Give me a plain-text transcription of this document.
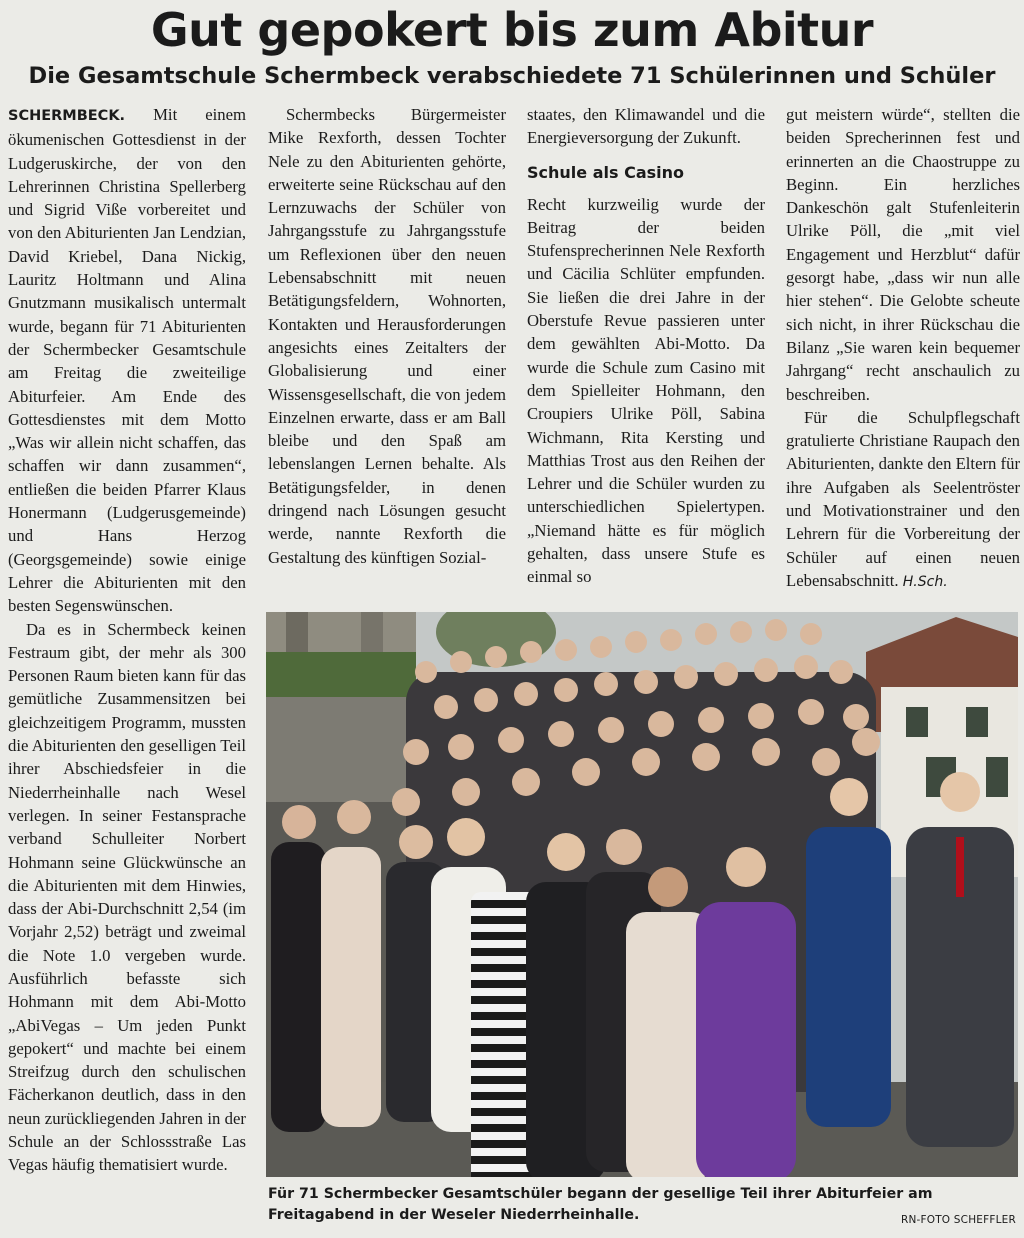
Gut gepokert bis zum Abitur
Die Gesamtschule Schermbeck verabschiedete 71 Schülerinnen und Schüler

SCHERMBECK. Mit einem ökumenischen Gottesdienst in der Ludgeruskirche, der von den Lehrerinnen Christina Spellerberg und Sigrid Viße vorbereitet und von den Abiturienten Jan Lendzian, David Kriebel, Dana Nickig, Lauritz Holtmann und Alina Gnutzmann musikalisch untermalt wurde, begann für 71 Abiturienten der Schermbecker Gesamtschule am Freitag die zweiteilige Abiturfeier. Am Ende des Gottesdienstes mit dem Motto „Was wir allein nicht schaffen, das schaffen wir dann zusammen“, entließen die beiden Pfarrer Klaus Honermann (Ludgerusgemeinde) und Hans Herzog (Georgsgemeinde) sowie einige Lehrer die Abiturienten mit den besten Segenswünschen.

Da es in Schermbeck keinen Festraum gibt, der mehr als 300 Personen Raum bieten kann für das gemütliche Zusammensitzen bei gleichzeitigem Programm, mussten die Abiturienten den geselligen Teil ihrer Abschiedsfeier in die Niederrheinhalle nach Wesel verlegen. In seiner Festansprache verband Schulleiter Norbert Hohmann seine Glückwünsche an die Abiturienten mit dem Hinwies, dass der Abi-Durchschnitt 2,54 (im Vorjahr 2,52) beträgt und zweimal die Note 1.0 vergeben wurde. Ausführlich befasste sich Hohmann mit dem Abi-Motto „AbiVegas – Um jeden Punkt gepokert“ und machte bei einem Streifzug durch den schulischen Fächerkanon deutlich, dass in den neun zurückliegenden Jahren in der Schule an der Schlossstraße Las Vegas häufig thematisiert wurde.

Schermbecks Bürgermeister Mike Rexforth, dessen Tochter Nele zu den Abiturienten gehörte, erweiterte seine Rückschau auf den Lernzuwachs der Schüler von Jahrgangsstufe zu Jahrgangsstufe um Reflexionen über den neuen Lebensabschnitt mit neuen Betätigungsfeldern, Wohnorten, Kontakten und Herausforderungen angesichts eines Zeitalters der Globalisierung und einer Wissensgesellschaft, die von jedem Einzelnen erwarte, dass er am Ball bleibe und den Spaß am lebenslangen Lernen behalte. Als Betätigungsfelder, in denen dringend nach Lösungen gesucht werde, nannte Rexforth die Gestaltung des künftigen Sozial-

staates, den Klimawandel und die Energieversorgung der Zukunft.

Schule als Casino

Recht kurzweilig wurde der Beitrag der beiden Stufensprecherinnen Nele Rexforth und Cäcilia Schlüter empfunden. Sie ließen die drei Jahre in der Oberstufe Revue passieren unter dem gewählten Abi-Motto. Da wurde die Schule zum Casino mit dem Spielleiter Hohmann, den Croupiers Ulrike Pöll, Sabina Wichmann, Rita Kersting und Matthias Trost aus den Reihen der Lehrer und die Schüler wurden zu unterschiedlichen Spielertypen. „Niemand hätte es für möglich gehalten, dass unsere Stufe es einmal so

gut meistern würde“, stellten die beiden Sprecherinnen fest und erinnerten an die Chaostruppe zu Beginn. Ein herzliches Dankeschön galt Stufenleiterin Ulrike Pöll, die „mit viel Engagement und Herzblut“ dafür gesorgt habe, „dass wir nun alle hier stehen“. Die Gelobte scheute sich nicht, in ihrer Rückschau die Bilanz „Sie waren kein bequemer Jahrgang“ recht anschaulich zu beschreiben.

Für die Schulpflegschaft gratulierte Christiane Raupach den Abiturienten, dankte den Eltern für ihre Aufgaben als Seelentröster und Motivationstrainer und den Lehrern für die Vorbereitung der Schüler auf einen neuen Lebensabschnitt. H.Sch.

Für 71 Schermbecker Gesamtschüler begann der gesellige Teil ihrer Abiturfeier am Freitagabend in der Weseler Niederrheinhalle.	RN-FOTO SCHEFFLER
